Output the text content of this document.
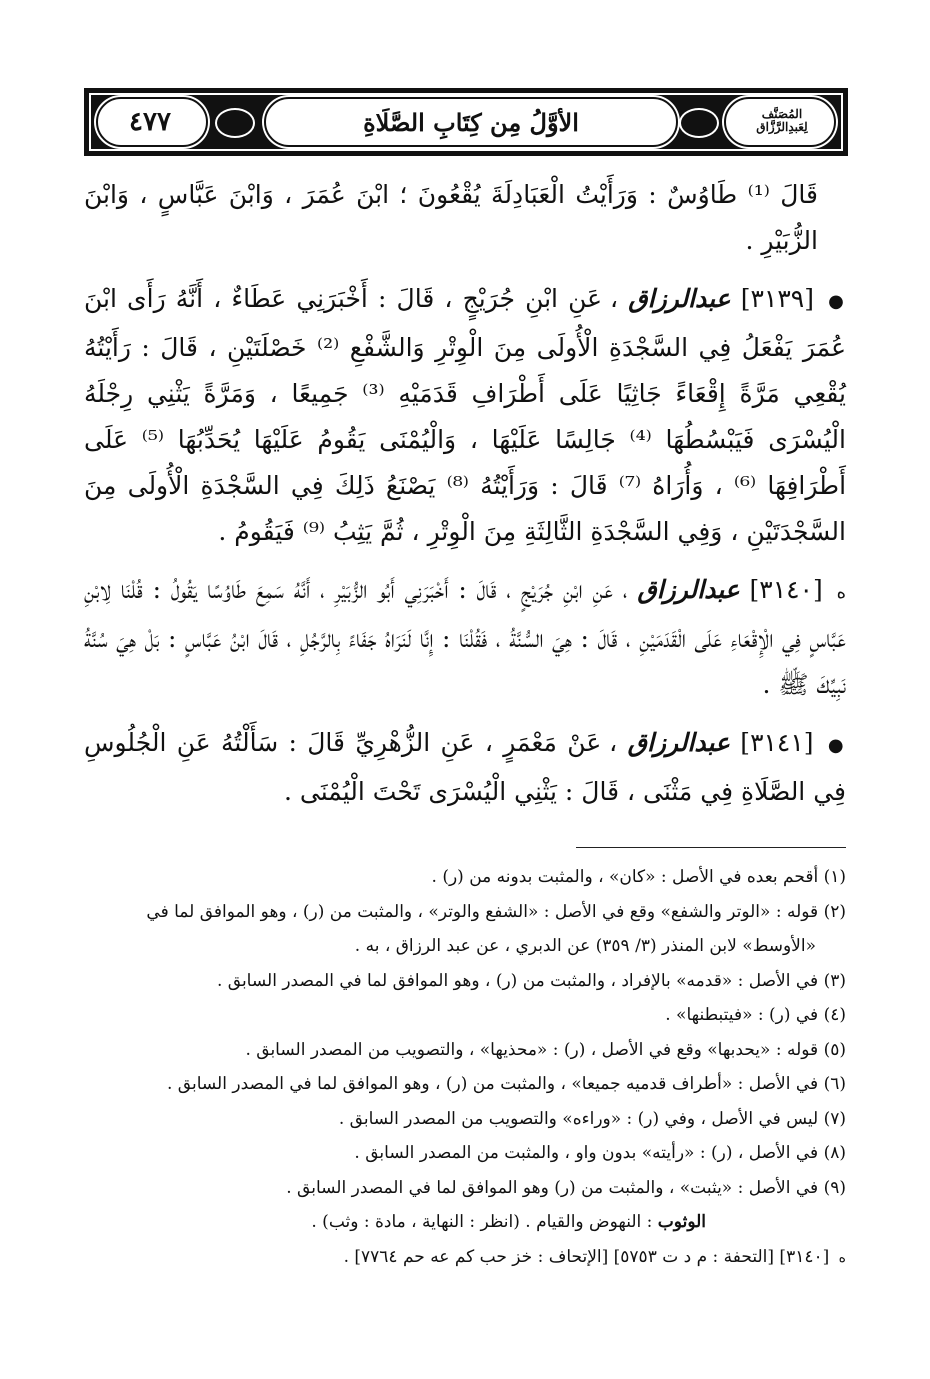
٤٧٧	الأوَّلُ مِن كِتَابِ الصَّلَاةِ	المُصَنَّف
لِعَبدِالرَّزَّاق

قَالَ ⁽¹⁾ طَاوُسٌ : وَرَأَيْتُ الْعَبَادِلَةَ يُقْعُونَ ؛ ابْنَ عُمَرَ ، وَابْنَ عَبَّاسٍ ، وَابْنَ الزُّبَيْرِ .

● [٣١٣٩] عبدالرزاق ، عَنِ ابْنِ جُرَيْجٍ ، قَالَ : أَخْبَرَنِي عَطَاءٌ ، أَنَّهُ رَأَى ابْنَ عُمَرَ يَفْعَلُ فِي السَّجْدَةِ الْأُولَى مِنَ الْوِتْرِ وَالشَّفْعِ ⁽²⁾ خَصْلَتَيْنِ ، قَالَ : رَأَيْتُهُ يُقْعِي مَرَّةً إِقْعَاءً جَاثِيًا عَلَى أَطْرَافِ قَدَمَيْهِ ⁽³⁾ جَمِيعًا ، وَمَرَّةً يَثْنِي رِجْلَهُ الْيُسْرَى فَيَبْسُطُهَا ⁽⁴⁾ جَالِسًا عَلَيْهَا ، وَالْيُمْنَى يَقُومُ عَلَيْهَا يُحَدِّبُهَا ⁽⁵⁾ عَلَى أَطْرَافِهَا ⁽⁶⁾ ، وَأُرَاهُ ⁽⁷⁾ قَالَ : وَرَأَيْتُهُ ⁽⁸⁾ يَصْنَعُ ذَلِكَ فِي السَّجْدَةِ الْأُولَى مِنَ السَّجْدَتَيْنِ ، وَفِي السَّجْدَةِ الثَّالِثَةِ مِنَ الْوِتْرِ ، ثُمَّ يَثِبُ ⁽⁹⁾ فَيَقُومُ .

ه [٣١٤٠] عبدالرزاق ، عَنِ ابْنِ جُرَيْجٍ ، قَالَ : أَخْبَرَنِي أَبُو الزُّبَيْرِ ، أَنَّهُ سَمِعَ طَاوُسًا يَقُولُ : قُلْنَا لِابْنِ عَبَّاسٍ فِي الْإِقْعَاءِ عَلَى الْقَدَمَيْنِ ، قَالَ : هِيَ السُّنَّةُ ، فَقُلْنَا : إِنَّا لَنَرَاهُ جَفَاءً بِالرَّجُلِ ، قَالَ ابْنُ عَبَّاسٍ : بَلْ هِيَ سُنَّةُ نَبِيِّكَ ﷺ .

● [٣١٤١] عبدالرزاق ، عَنْ مَعْمَرٍ ، عَنِ الزُّهْرِيِّ قَالَ : سَأَلْتُهُ عَنِ الْجُلُوسِ فِي الصَّلَاةِ فِي مَثْنَى ، قَالَ : يَثْنِي الْيُسْرَى تَحْتَ الْيُمْنَى .

(١) أقحم بعده في الأصل : «كان» ، والمثبت بدونه من (ر) .

(٢) قوله : «الوتر والشفع» وقع في الأصل : «الشفع والوتر» ، والمثبت من (ر) ، وهو الموافق لما في

«الأوسط» لابن المنذر (٣/ ٣٥٩) عن الدبري ، عن عبد الرزاق ، به .

(٣) في الأصل : «قدمه» بالإفراد ، والمثبت من (ر) ، وهو الموافق لما في المصدر السابق .

(٤) في (ر) : «فيتبطنها» .

(٥) قوله : «يحدبها» وقع في الأصل ، (ر) : «محذيها» ، والتصويب من المصدر السابق .

(٦) في الأصل : «أطراف قدميه جميعا» ، والمثبت من (ر) ، وهو الموافق لما في المصدر السابق .

(٧) ليس في الأصل ، وفي (ر) : «وراءه» والتصويب من المصدر السابق .

(٨) في الأصل ، (ر) : «رأيته» بدون واو ، والمثبت من المصدر السابق .

(٩) في الأصل : «يثبت» ، والمثبت من (ر) وهو الموافق لما في المصدر السابق .

الوثوب : النهوض والقيام . (انظر : النهاية ، مادة : وثب) .

ه [٣١٤٠] [التحفة : م د ت ٥٧٥٣] [الإتحاف : خز حب كم عه حم ٧٧٦٤] .
